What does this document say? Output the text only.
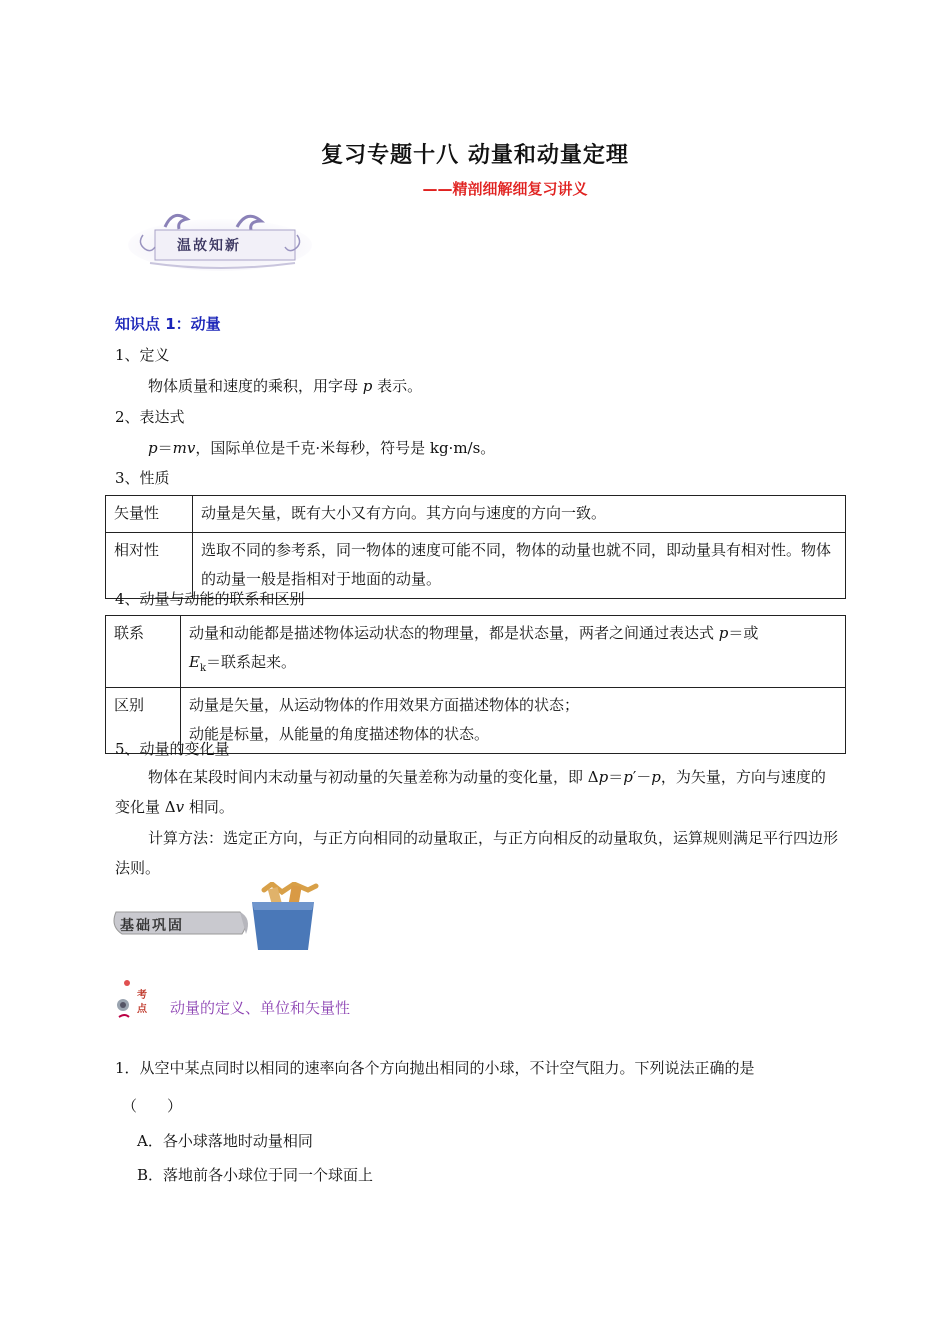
复习专题十八 动量和动量定理
——精剖细解细复习讲义
温故知新
知识点 1：动量
1、定义
物体质量和速度的乘积，用字母 p 表示。
2、表达式
p＝mv，国际单位是千克·米每秒，符号是 kg·m/s。
3、性质
矢量性	动量是矢量，既有大小又有方向。其方向与速度的方向一致。
相对性	选取不同的参考系，同一物体的速度可能不同，物体的动量也就不同，即动量具有相对性。物体的动量一般是指相对于地面的动量。
4、动量与动能的联系和区别
联系	动量和动能都是描述物体运动状态的物理量，都是状态量，两者之间通过表达式 p＝或
$E_k=$联系起来。
区别	动量是矢量，从运动物体的作用效果方面描述物体的状态；
动能是标量，从能量的角度描述物体的状态。
5、动量的变化量
物体在某段时间内末动量与初动量的矢量差称为动量的变化量，即 Δp＝p′－p，为矢量，方向与速度的变化量 Δv 相同。
计算方法：选定正方向，与正方向相同的动量取正，与正方向相反的动量取负，运算规则满足平行四边形法则。
基础巩固
考点 动量的定义、单位和矢量性
1．从空中某点同时以相同的速率向各个方向抛出相同的小球，不计空气阻力。下列说法正确的是
（　　）
A．各小球落地时动量相同
B．落地前各小球位于同一个球面上
